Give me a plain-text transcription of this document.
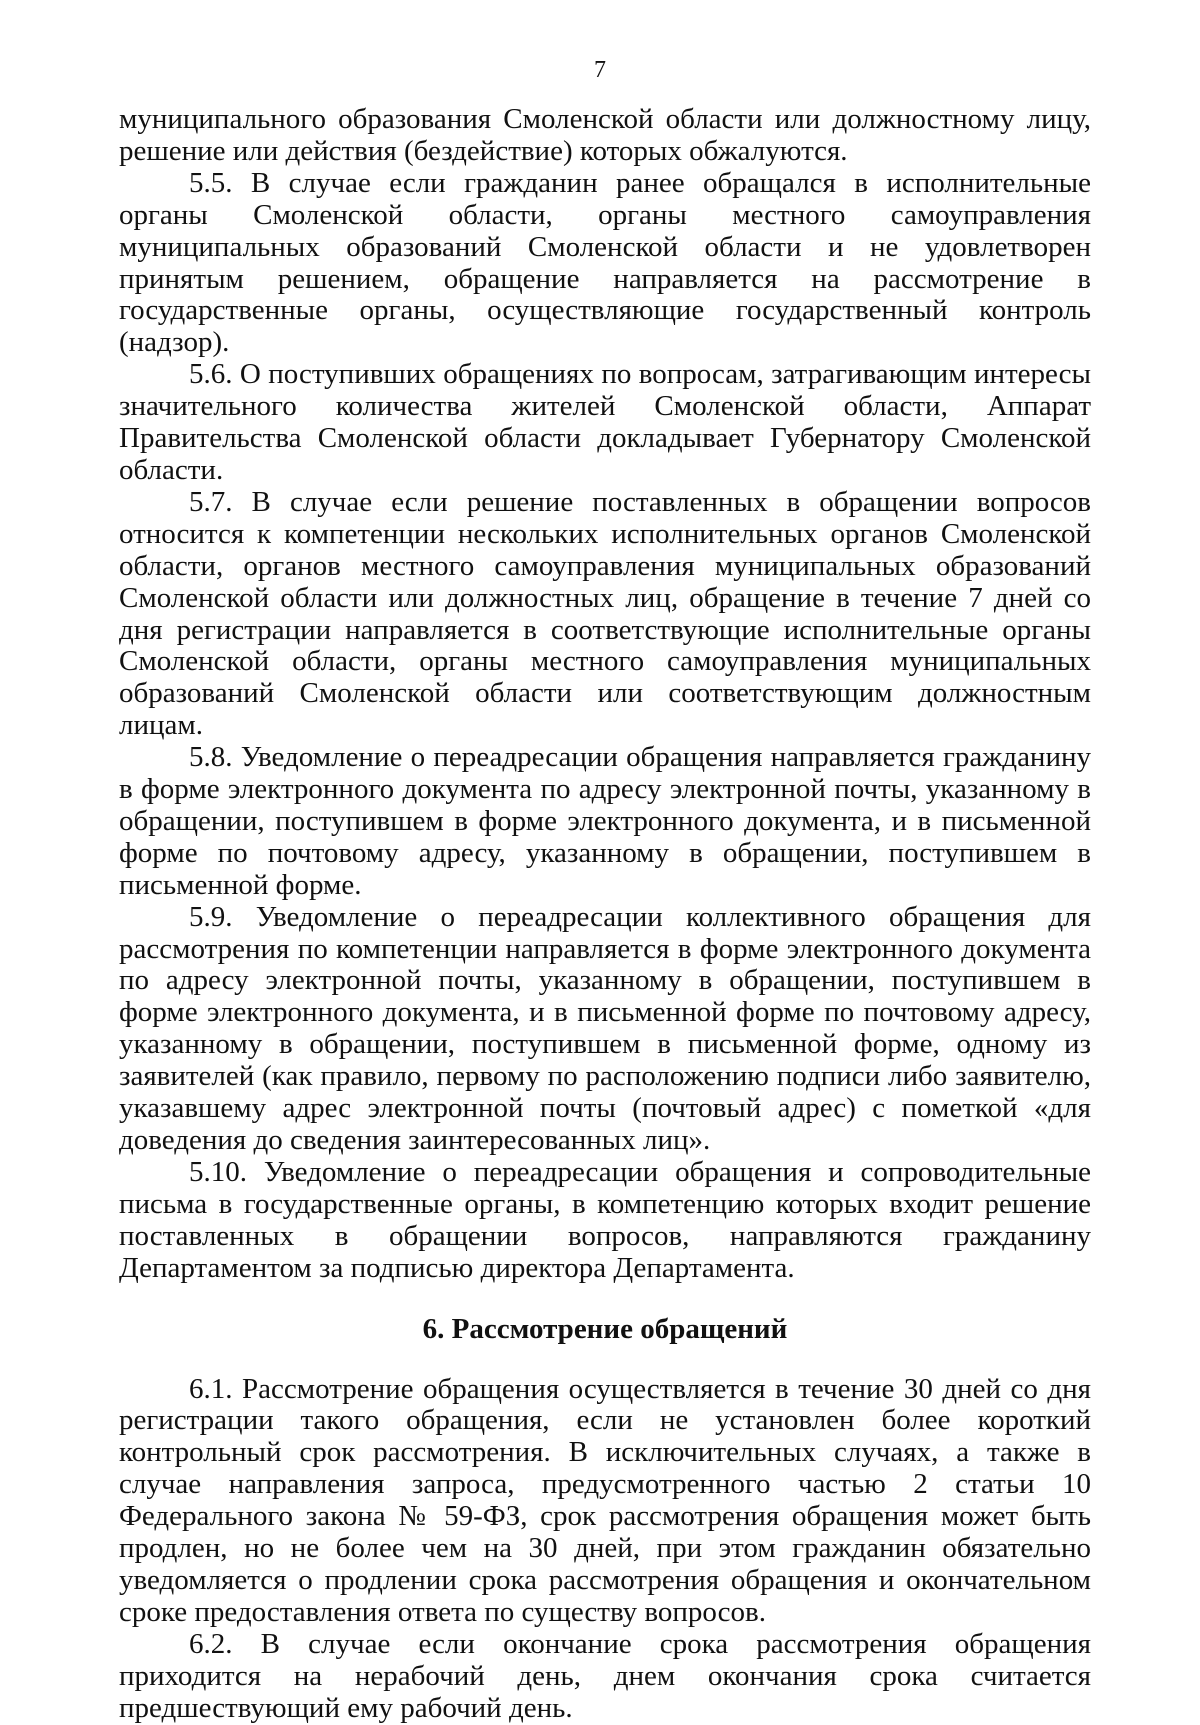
7

муниципального образования Смоленской области или должностному лицу, решение или действия (бездействие) которых обжалуются.

5.5. В случае если гражданин ранее обращался в исполнительные органы Смоленской области, органы местного самоуправления муниципальных образований Смоленской области и не удовлетворен принятым решением, обращение направляется на рассмотрение в государственные органы, осуществляющие государственный контроль (надзор).

5.6. О поступивших обращениях по вопросам, затрагивающим интересы значительного количества жителей Смоленской области, Аппарат Правительства Смоленской области докладывает Губернатору Смоленской области.

5.7. В случае если решение поставленных в обращении вопросов относится к компетенции нескольких исполнительных органов Смоленской области, органов местного самоуправления муниципальных образований Смоленской области или должностных лиц, обращение в течение 7 дней со дня регистрации направляется в соответствующие исполнительные органы Смоленской области, органы местного самоуправления муниципальных образований Смоленской области или соответствующим должностным лицам.

5.8. Уведомление о переадресации обращения направляется гражданину в форме электронного документа по адресу электронной почты, указанному в обращении, поступившем в форме электронного документа, и в письменной форме по почтовому адресу, указанному в обращении, поступившем в письменной форме.

5.9. Уведомление о переадресации коллективного обращения для рассмотрения по компетенции направляется в форме электронного документа по адресу электронной почты, указанному в обращении, поступившем в форме электронного документа, и в письменной форме по почтовому адресу, указанному в обращении, поступившем в письменной форме, одному из заявителей (как правило, первому по расположению подписи либо заявителю, указавшему адрес электронной почты (почтовый адрес) с пометкой «для доведения до сведения заинтересованных лиц».

5.10. Уведомление о переадресации обращения и сопроводительные письма в государственные органы, в компетенцию которых входит решение поставленных в обращении вопросов, направляются гражданину Департаментом за подписью директора Департамента.

6. Рассмотрение обращений

6.1. Рассмотрение обращения осуществляется в течение 30 дней со дня регистрации такого обращения, если не установлен более короткий контрольный срок рассмотрения. В исключительных случаях, а также в случае направления запроса, предусмотренного частью 2 статьи 10 Федерального закона № 59-ФЗ, срок рассмотрения обращения может быть продлен, но не более чем на 30 дней, при этом гражданин обязательно уведомляется о продлении срока рассмотрения обращения и окончательном сроке предоставления ответа по существу вопросов.

6.2. В случае если окончание срока рассмотрения обращения приходится на нерабочий день, днем окончания срока считается предшествующий ему рабочий день.
